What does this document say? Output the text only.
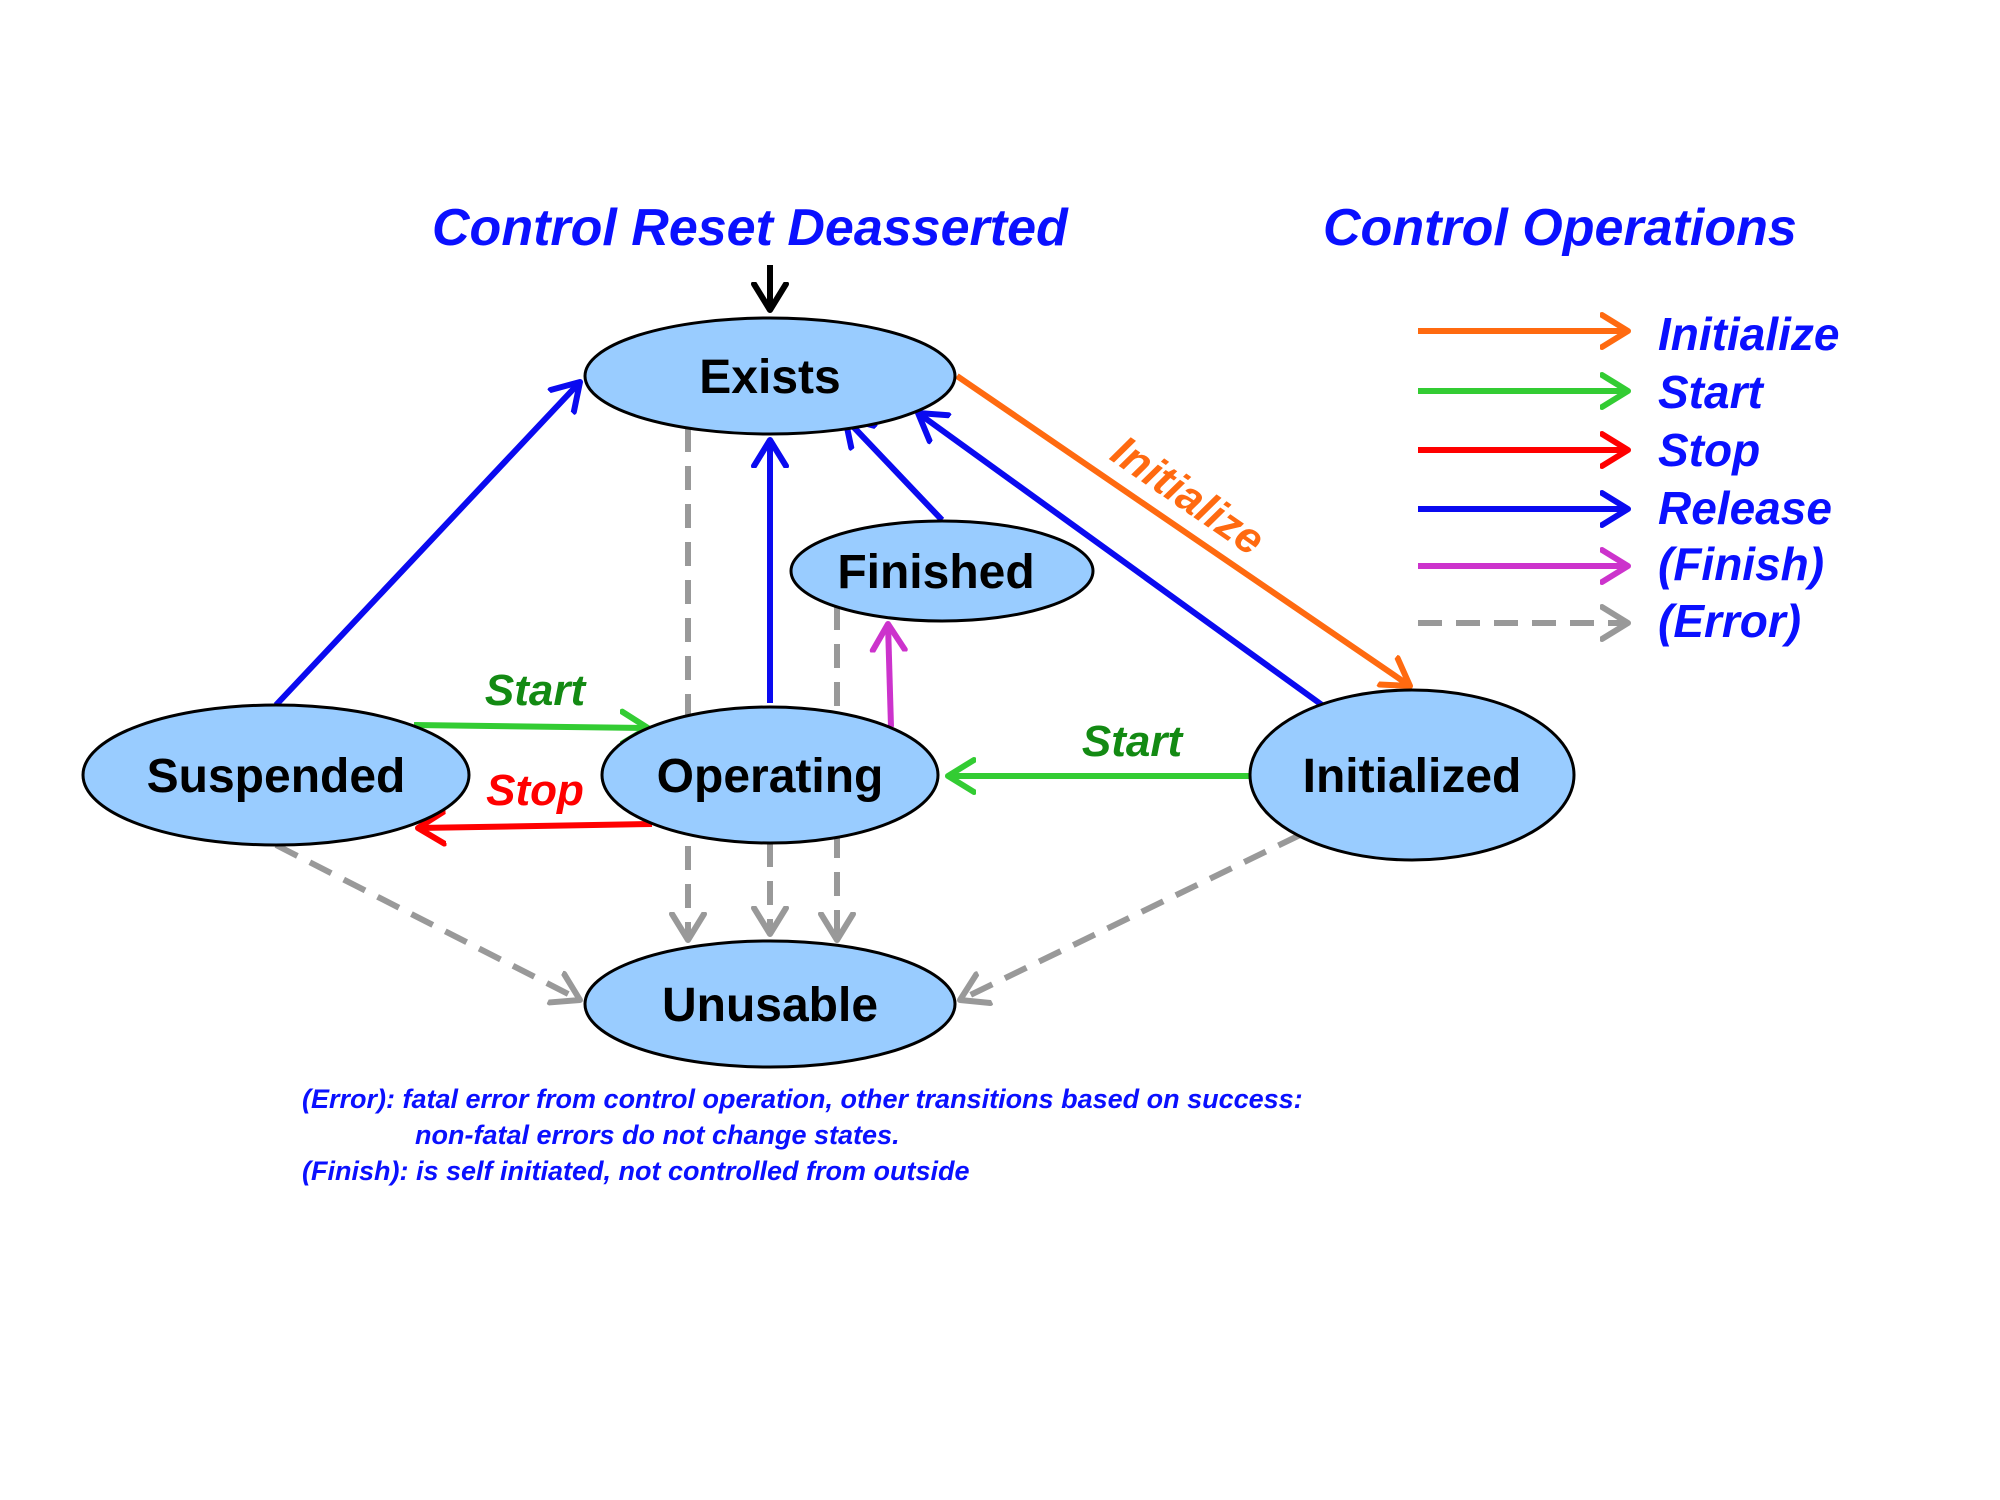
Control Reset Deasserted	Control Operations
Exists
Finished
Suspended	Operating	Initialized
Unusable
Initialize
Start
Stop
Start
Initialize
Start
Stop
Release
(Finish)
(Error)
(Error): fatal error from control operation, other transitions based on success:
non-fatal errors do not change states.
(Finish): is self initiated, not controlled from outside
